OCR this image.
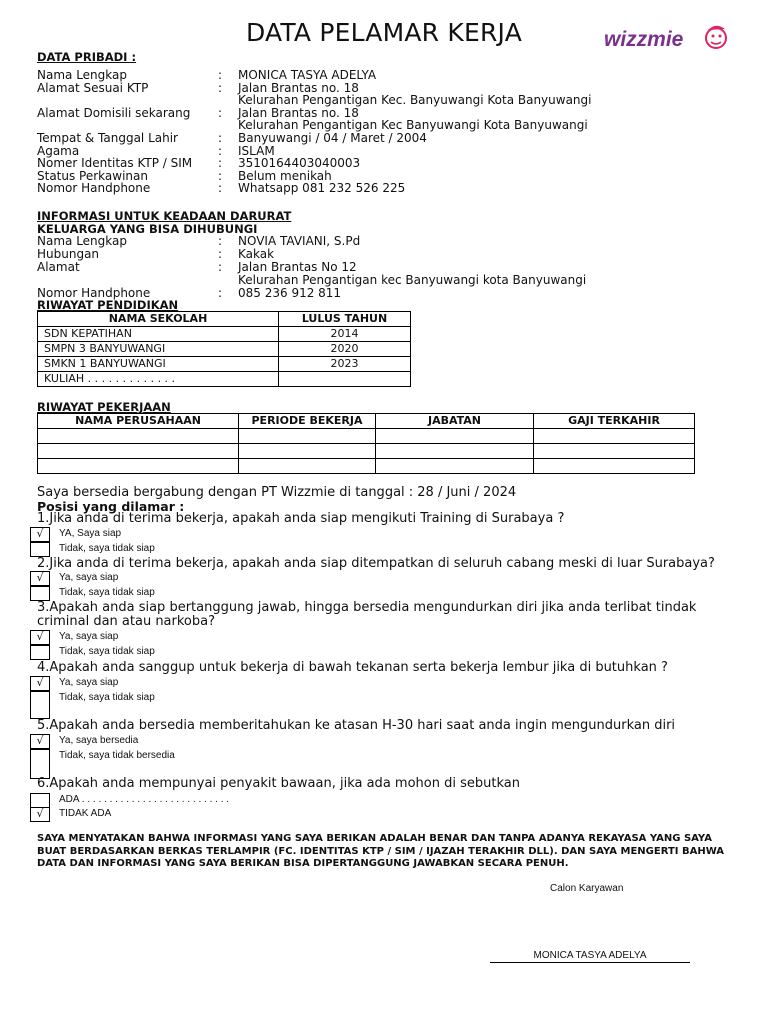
DATA PELAMAR KERJA	wizzmie
DATA PRIBADI :
Nama Lengkap	: MONICA TASYA ADELYA
Alamat Sesuai KTP	: Jalan Brantas no. 18
Kelurahan Pengantigan Kec. Banyuwangi Kota Banyuwangi
Alamat Domisili sekarang	: Jalan Brantas no. 18
Kelurahan Pengantigan Kec Banyuwangi Kota Banyuwangi
Tempat & Tanggal Lahir	: Banyuwangi / 04 / Maret / 2004
Agama	: ISLAM
Nomer Identitas KTP / SIM	: 3510164403040003
Status Perkawinan	: Belum menikah
Nomor Handphone	: Whatsapp 081 232 526 225
INFORMASI UNTUK KEADAAN DARURAT
KELUARGA YANG BISA DIHUBUNGI
Nama Lengkap	: NOVIA TAVIANI, S.Pd
Hubungan	: Kakak
Alamat	: Jalan Brantas No 12
Kelurahan Pengantigan kec Banyuwangi kota Banyuwangi
Nomor Handphone	: 085 236 912 811
RIWAYAT PENDIDIKAN
NAMA SEKOLAH	LULUS TAHUN
SDN KEPATIHAN	2014
SMPN 3 BANYUWANGI	2020
SMKN 1 BANYUWANGI	2023
KULIAH . . . . . . . . . . . . .	
RIWAYAT PEKERJAAN
NAMA PERUSAHAAN	PERIODE BEKERJA	JABATAN	GAJI TERKAHIR

Saya bersedia bergabung dengan PT Wizzmie di tanggal : 28 / Juni / 2024
Posisi yang dilamar :
1.Jika anda di terima bekerja, apakah anda siap mengikuti Training di Surabaya ?
√	YA, Saya siap
Tidak, saya tidak siap
2.Jika anda di terima bekerja, apakah anda siap ditempatkan di seluruh cabang meski di luar Surabaya?
√	Ya, saya siap
Tidak, saya tidak siap
3.Apakah anda siap bertanggung jawab, hingga bersedia mengundurkan diri jika anda terlibat tindak criminal dan atau narkoba?
√	Ya, saya siap
Tidak, saya tidak siap
4.Apakah anda sanggup untuk bekerja di bawah tekanan serta bekerja lembur jika di butuhkan ?
√	Ya, saya siap
Tidak, saya tidak siap
5.Apakah anda bersedia memberitahukan ke atasan H-30 hari saat anda ingin mengundurkan diri
√	Ya, saya bersedia
Tidak, saya tidak bersedia
6.Apakah anda mempunyai penyakit bawaan, jika ada mohon di sebutkan
ADA . . . . . . . . . . . . . . . . . . . . . . . . . . .
√	TIDAK ADA
SAYA MENYATAKAN BAHWA INFORMASI YANG SAYA BERIKAN ADALAH BENAR DAN TANPA ADANYA REKAYASA YANG SAYA BUAT BERDASARKAN BERKAS TERLAMPIR (FC. IDENTITAS KTP / SIM / IJAZAH TERAKHIR DLL). DAN SAYA MENGERTI BAHWA DATA DAN INFORMASI YANG SAYA BERIKAN BISA DIPERTANGGUNG JAWABKAN SECARA PENUH.
Calon Karyawan
MONICA TASYA ADELYA
